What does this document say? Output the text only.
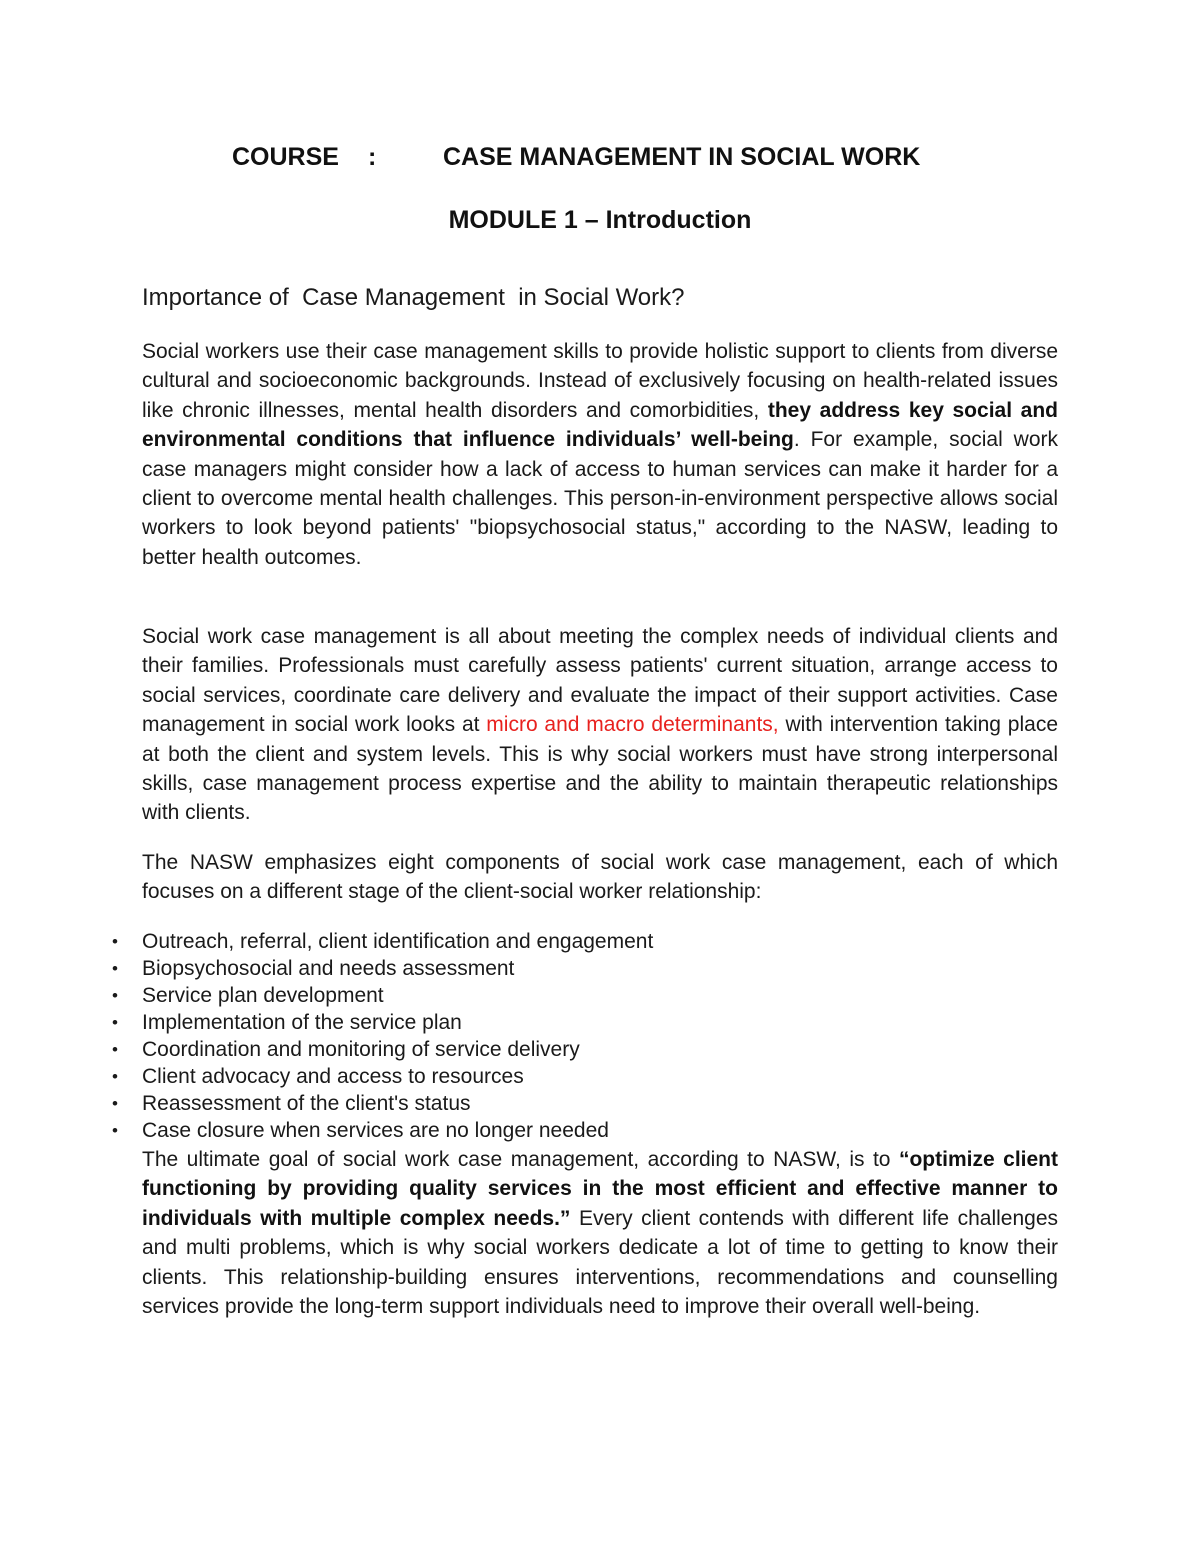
COURSE :	CASE MANAGEMENT IN SOCIAL WORK
MODULE 1 – Introduction
Importance of  Case Management  in Social Work?

Social workers use their case management skills to provide holistic support to clients from diverse cultural and socioeconomic backgrounds. Instead of exclusively focusing on health-related issues like chronic illnesses, mental health disorders and comorbidities, they address key social and environmental conditions that influence individuals’ well-being. For example, social work case managers might consider how a lack of access to human services can make it harder for a client to overcome mental health challenges. This person-in-environment perspective allows social workers to look beyond patients' "biopsychosocial status," according to the NASW, leading to better health outcomes.

Social work case management is all about meeting the complex needs of individual clients and their families. Professionals must carefully assess patients' current situation, arrange access to social services, coordinate care delivery and evaluate the impact of their support activities. Case management in social work looks at micro and macro determinants, with intervention taking place at both the client and system levels. This is why social workers must have strong interpersonal skills, case management process expertise and the ability to maintain therapeutic relationships with clients.

The NASW emphasizes eight components of social work case management, each of which focuses on a different stage of the client-social worker relationship:

• Outreach, referral, client identification and engagement
• Biopsychosocial and needs assessment
• Service plan development
• Implementation of the service plan
• Coordination and monitoring of service delivery
• Client advocacy and access to resources
• Reassessment of the client's status
• Case closure when services are no longer needed

The ultimate goal of social work case management, according to NASW, is to “optimize client functioning by providing quality services in the most efficient and effective manner to individuals with multiple complex needs.” Every client contends with different life challenges and multi problems, which is why social workers dedicate a lot of time to getting to know their clients. This relationship-building ensures interventions, recommendations and counselling services provide the long-term support individuals need to improve their overall well-being.
